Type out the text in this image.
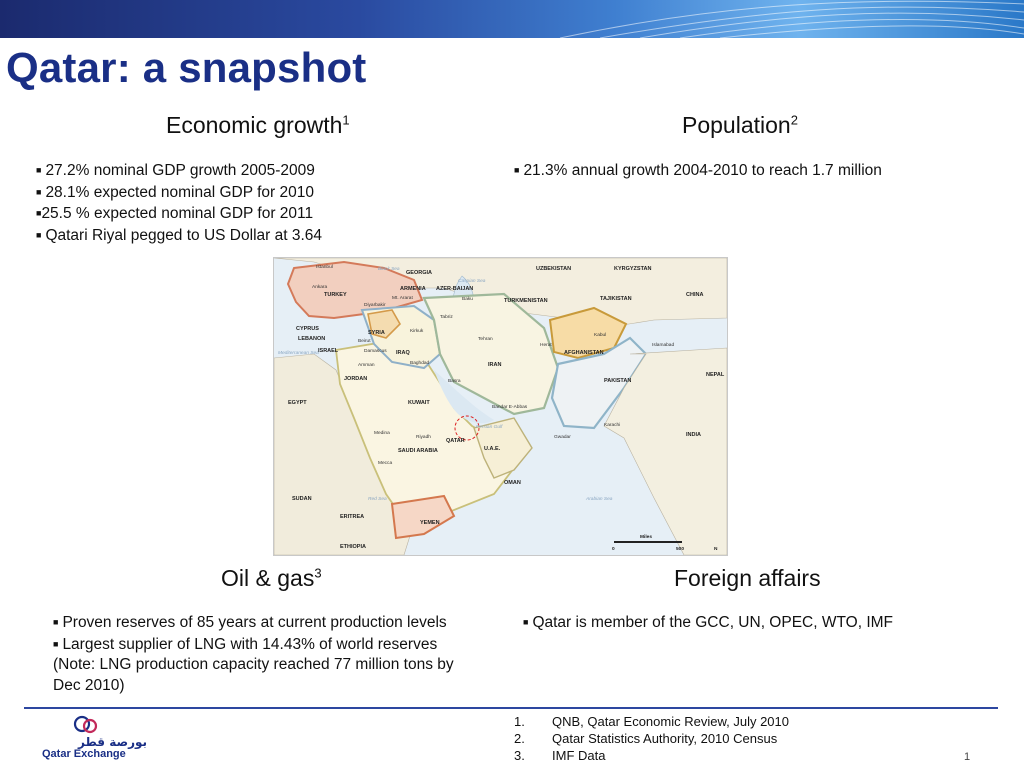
Qatar: a snapshot
Economic growth$^1$
■ 27.2% nominal GDP growth 2005-2009
■ 28.1% expected nominal GDP for 2010
■25.5 % expected nominal GDP for 2011
■ Qatari Riyal pegged to US Dollar at 3.64
Population$^2$
■ 21.3% annual growth 2004-2010 to reach 1.7 million
TURKEY
GEORGIA
ARMENIA AZER-BAIJAN
UZBEKISTAN	KYRGYZSTAN
TURKMENISTAN	TAJIKISTAN
CHINA
CYPRUS
LEBANON
ISRAEL
SYRIA
IRAQ
IRAN
AFGHANISTAN
PAKISTAN
NEPAL
JORDAN
KUWAIT
EGYPT
INDIA
SAUDI ARABIA
QATAR
U.A.E.
OMAN
SUDAN
ERITREA
YEMEN
ETHIOPIA
Istanbul
Ankara
Diyarbakir
Mt. Ararat	Baku
Tabriz
Tehran
Kirkuk
Beirut
Damascus
Baghdad
Amman
Basra
Herat
Kabul
Islamabad
Medina
Riyadh
Mecca
Bandar E-Abbas
Karachi
Gwadar
Black Sea
Caspian Sea
Mediterranean Sea
Red Sea	Arabian Sea
Persian Gulf
Miles
0	500	N
Oil & gas$^3$
■ Proven reserves of 85 years at current production levels
■ Largest supplier of LNG with 14.43% of world reserves
(Note: LNG production capacity reached 77 million tons by
Dec 2010)
Foreign affairs
■ Qatar is member of the GCC, UN, OPEC, WTO, IMF
بورصة قطر
Qatar Exchange
1. QNB, Qatar Economic Review, July 2010
2. Qatar Statistics Authority, 2010 Census
3. IMF Data	1
